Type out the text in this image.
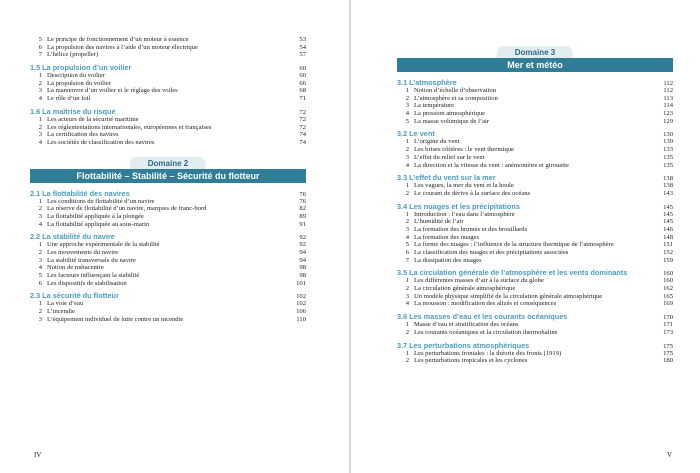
5 Le principe de fonctionnement d’un moteur à essence	53
6 La propulsion des navires à l’aide d’un moteur électrique	54
7 L’hélice (propeller)	57
1.5 La propulsion d’un voilier	60
1 Description du voilier	60
2 La propulsion du voilier	66
3 La manœuvre d’un voilier et le réglage des voiles	68
4 Le rôle d’un foil	71
1.6 La maîtrise du risque	72
1 Les acteurs de la sécurité maritime	72
2 Les réglementations internationales, européennes et françaises	72
3 La certification des navires	74
4 Les sociétés de classification des navires	74
Domaine 2
Flottabilité – Stabilité – Sécurité du flotteur
2.1 La flottabilité des navires	76
1 Les conditions de flottabilité d’un navire	76
2 La réserve de flottabilité d’un navire, marques de franc-bord	82
3 La flottabilité appliquée à la plongée	89
4 La flottabilité appliquée au sous-marin	91
2.2 La stabilité du navire	92
1 Une approche expérimentale de la stabilité	92
2 Les mouvements du navire	94
3 La stabilité transversale du navire	94
4 Notion de métacentre	98
5 Les facteurs influençant la stabilité	98
6 Les dispositifs de stabilisation	101
2.3 La sécurité du flotteur	102
1 La voie d’eau	102
2 L’incendie	106
3 L’équipement individuel de lutte contre un incendie	110
IV
Domaine 3
Mer et météo
3.1 L’atmosphère	112
1 Notion d’échelle d’observation	112
2 L’atmosphère et sa composition	113
3 La température	114
4 La pression atmosphérique	123
5 La masse volumique de l’air	129
3.2 Le vent	130
1 L’origine du vent	130
2 Les brises côtières : le vent thermique	133
3 L’effet du relief sur le vent	135
4 La direction et la vitesse du vent : anémomètre et girouette	135
3.3 L’effet du vent sur la mer	138
1 Les vagues, la mer du vent et la houle	138
2 Le courant de dérive à la surface des océans	143
3.4 Les nuages et les précipitations	145
1 Introduction : l’eau dans l’atmosphère	145
2 L’humidité de l’air	145
3 La formation des brumes et des brouillards	146
4 La formation des nuages	148
5 La forme des nuages : l’influence de la structure thermique de l’atmosphère	151
6 La classification des nuages et des précipitations associées	152
7 La dissipation des nuages	159
3.5 La circulation générale de l’atmosphère et les vents dominants	160
1 Les différentes masses d’air à la surface du globe	160
2 La circulation générale atmosphérique	162
3 Un modèle physique simplifié de la circulation générale atmosphérique	165
4 La mousson : modification des alizés et conséquences	169
3.6 Les masses d’eau et les courants océaniques	170
1 Masse d’eau et stratification des océans	171
2 Les courants océaniques et la circulation thermohaline	173
3.7 Les perturbations atmosphériques	175
1 Les perturbations frontales : la théorie des fronts (1919)	175
2 Les perturbations tropicales et les cyclones	180
V
